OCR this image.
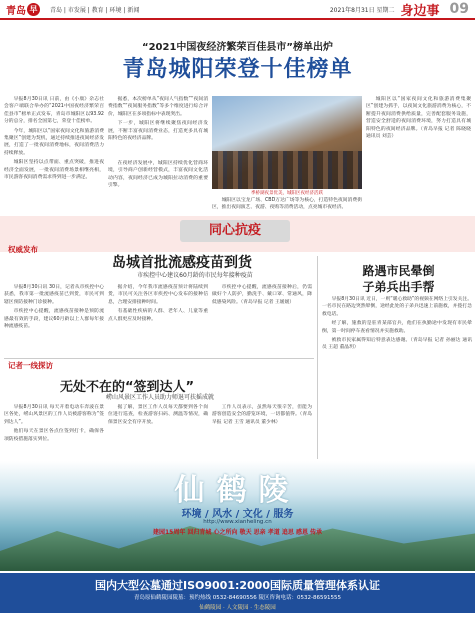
青岛 早	青岛 | 市发展 | 教育 | 环境 | 新闻	2021年8月31日 星期二 身边事 09
“2021中国夜经济繁荣百佳县市”榜单出炉
青岛城阳荣登十佳榜单

早报8月30日讯 日前，由《小康》杂志社会客户端联合举办的“2021中国夜经济繁荣百佳县市”榜单正式发布，青岛市城阳区以93.92分的总分，排名全国第七，荣登十佳榜单。

今年，城阳区以“国家夜间文化和旅游消费集聚区”创建为契机，通过持续推进夜间经济发展，打造了一批夜间消费地标，夜间消费活力持续释放。

城阳区坚持以点带面、重点突破，推进夜经济全面发展，一批夜间消费场景相继亮相，市民游客夜间消费需求得到进一步满足。

据悉，本次榜单从“夜间人气指数”“夜间消费指数”“夜间服务指数”等多个维度进行综合评价，城阳区在多项指标中表现突出。

下一步，城阳区将继续聚焦夜间经济发展，不断丰富夜间消费业态，打造更多具有城阳特色的夜经济品牌。

在夜经济发展中，城阳区持续优化营商环境，引导商户创新经营模式，丰富夜间文化活动内容，夜间经济已成为城阳拉动消费的重要引擎。

季桥湖夜景优美，城阳区夜经济活跃

城阳区以宝龙广场、CBD万达广场等为核心，打造特色夜间消费街区，推出夜间演艺、夜游、夜购等消费活动，点亮城市夜经济。

城阳区以“国家夜间文化和旅游消费集聚区”创建为抓手，以夜间文化旅游消费为核心，不断提升夜间消费供给质量，完善配套服务设施，营造安全舒适的夜间消费环境，努力打造具有城阳特色的夜间经济品牌。（青岛早报 记者 陈晓晓 通讯员 刘芸）

同心抗疫
权威发布
岛城首批流感疫苗到货
市疾控中心建议60月龄的市民每年接种疫苗

早报8月30日讯 30日，记者从市疾控中心获悉，我市第一批流感疫苗已到货，市民可到辖区预防接种门诊接种。

市疾控中心提醒，流感疫苗接种是预防流感最有效的手段，建议60月龄以上人群每年接种流感疫苗。

据介绍，今年我市流感疫苗预计将陆续到货，市民可关注各区市疾控中心发布的接种信息，合理安排接种时间。

有基础性疾病的人群、老年人、儿童等重点人群更应及时接种。

市疾控中心提醒，流感疫苗接种后，仍需做好个人防护，勤洗手、戴口罩、常通风，降低感染风险。（青岛早报 记者 王媛媛）

记者一线探访
无处不在的“签到达人”
崂山风景区工作人员助力师退可扶摇成就

早报8月30日讯 每天开着电动车奔波在景区各处，崂山风景区的工作人员被游客称为“签到达人”。

他们每天在景区各点位签到打卡，确保各项防疫措施落实到位。

据了解，景区工作人员每天都要到各个岗位进行巡查，检查游客扫码、测温等情况，确保景区安全有序开放。

工作人员表示，虽然每天很辛苦，但能为游客创造安全的游览环境，一切都值得。（青岛早报 记者 王雪 通讯员 董少林）

路遇市民晕倒
子弟兵出手帮

早报8月30日讯 近日，一则“暖心救助”的视频在网络上引发关注。一名市民在路边突然晕倒，途经此处的子弟兵迅速上前施救，并拨打急救电话。

经了解，施救的是驻青某部官兵，他们在执勤途中发现有市民晕倒，第一时间停车查看情况并实施救助。

被救市民家属得知后特意表达感谢。（青岛早报 记者 孙丽达 通讯员 王超 董晶玥）

仙鹤陵
环境 / 风水 / 文化 / 服务
http://www.xianheling.cn
建园15周年 回归青城 心之所向 敬天 思亲 孝道 追思 感恩 传承
国内大型公墓通过ISO9001:2000国际质量管理体系认证
青岛原仙鹤陵园陵墓：预约热线 0532-84690556 陵区咨询电话：0532-86591555
仙鹤陵园 · 人文陵园 · 生态陵园
